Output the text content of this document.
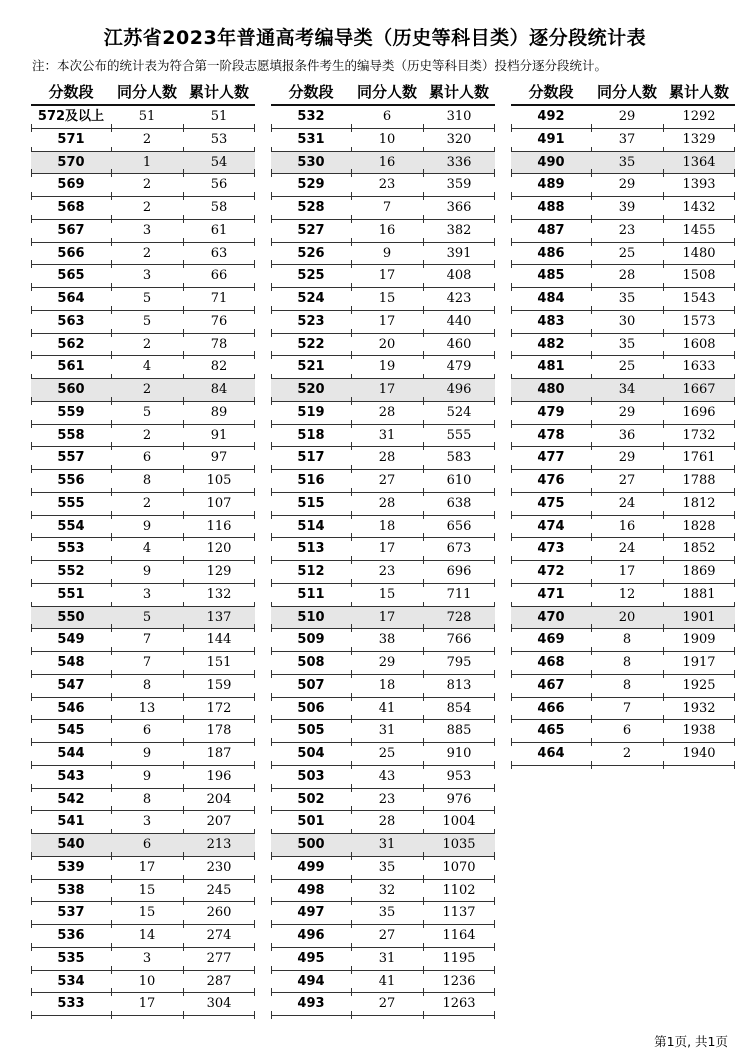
江苏省2023年普通高考编导类（历史等科目类）逐分段统计表
注：本次公布的统计表为符合第一阶段志愿填报条件考生的编导类（历史等科目类）投档分逐分段统计。
分数段	同分人数 累计人数
572及以上	51	51
571	2	53
570	1	54
569	2	56
568	2	58
567	3	61
566	2	63
565	3	66
564	5	71
563	5	76
562	2	78
561	4	82
560	2	84
559	5	89
558	2	91
557	6	97
556	8	105
555	2	107
554	9	116
553	4	120
552	9	129
551	3	132
550	5	137
549	7	144
548	7	151
547	8	159
546	13	172
545	6	178
544	9	187
543	9	196
542	8	204
541	3	207
540	6	213
539	17	230
538	15	245
537	15	260
536	14	274
535	3	277
534	10	287
533	17	304
分数段	同分人数 累计人数
532	6	310
531	10	320
530	16	336
529	23	359
528	7	366
527	16	382
526	9	391
525	17	408
524	15	423
523	17	440
522	20	460
521	19	479
520	17	496
519	28	524
518	31	555
517	28	583
516	27	610
515	28	638
514	18	656
513	17	673
512	23	696
511	15	711
510	17	728
509	38	766
508	29	795
507	18	813
506	41	854
505	31	885
504	25	910
503	43	953
502	23	976
501	28	1004
500	31	1035
499	35	1070
498	32	1102
497	35	1137
496	27	1164
495	31	1195
494	41	1236
493	27	1263
分数段	同分人数 累计人数
492	29	1292
491	37	1329
490	35	1364
489	29	1393
488	39	1432
487	23	1455
486	25	1480
485	28	1508
484	35	1543
483	30	1573
482	35	1608
481	25	1633
480	34	1667
479	29	1696
478	36	1732
477	29	1761
476	27	1788
475	24	1812
474	16	1828
473	24	1852
472	17	1869
471	12	1881
470	20	1901
469	8	1909
468	8	1917
467	8	1925
466	7	1932
465	6	1938
464	2	1940
第1页, 共1页
